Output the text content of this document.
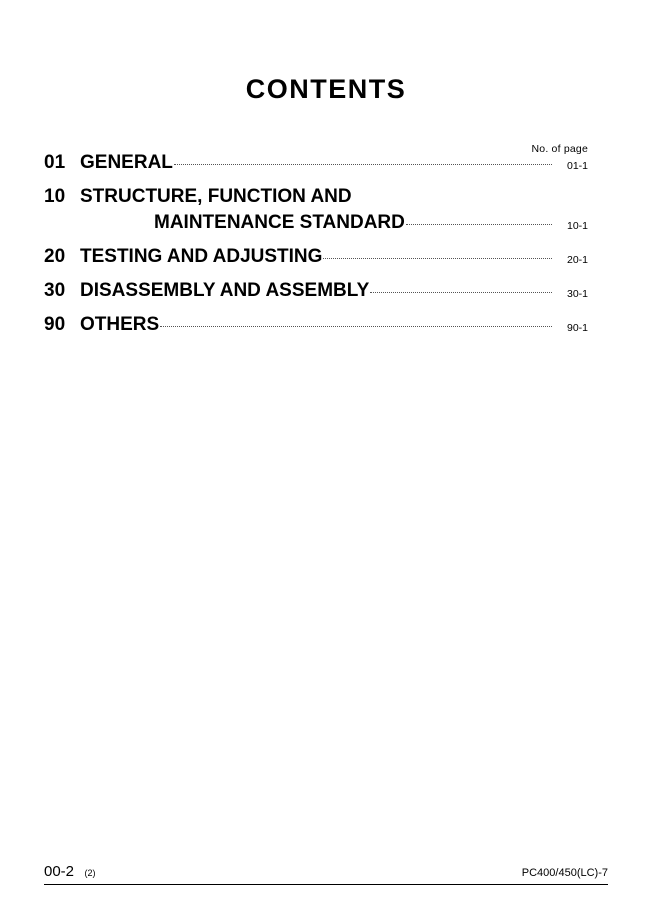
CONTENTS
No. of page
01 GENERAL	01-1
10 STRUCTURE, FUNCTION AND
MAINTENANCE STANDARD	10-1
20 TESTING AND ADJUSTING	20-1
30 DISASSEMBLY AND ASSEMBLY	30-1
90 OTHERS	90-1
00-2 (2)	PC400/450(LC)-7
